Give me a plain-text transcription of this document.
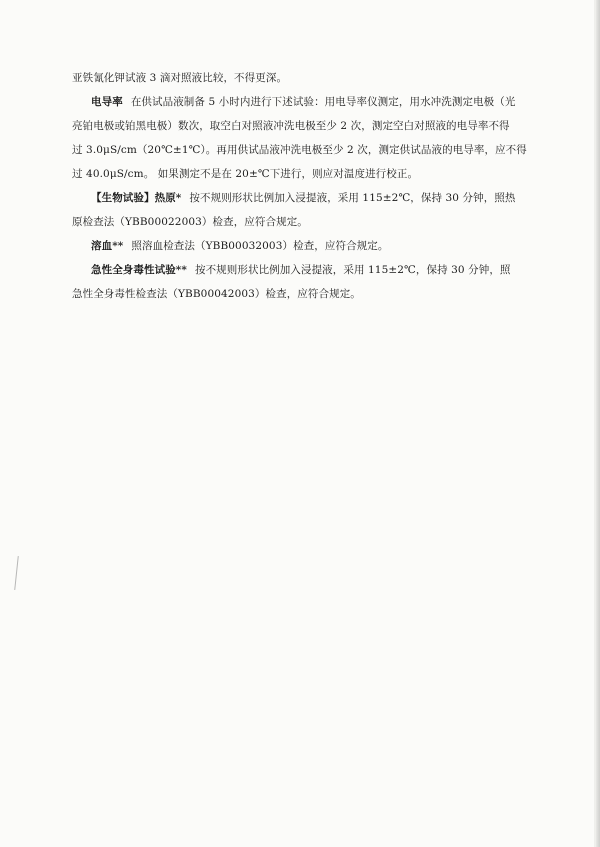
亚铁氰化钾试液 3 滴对照液比较，不得更深。
电导率 在供试品液制备 5 小时内进行下述试验：用电导率仪测定，用水冲洗测定电极（光
亮铂电极或铂黑电极）数次，取空白对照液冲洗电极至少 2 次，测定空白对照液的电导率不得
过 3.0μS/cm（20℃±1℃）。再用供试品液冲洗电极至少 2 次，测定供试品液的电导率，应不得
过 40.0μS/cm。 如果测定不是在 20±℃下进行，则应对温度进行校正。
【生物试验】热原* 按不规则形状比例加入浸提液，采用 115±2℃，保持 30 分钟，照热
原检查法（YBB00022003）检查，应符合规定。
溶血** 照溶血检查法（YBB00032003）检查，应符合规定。
急性全身毒性试验** 按不规则形状比例加入浸提液，采用 115±2℃，保持 30 分钟，照
急性全身毒性检查法（YBB00042003）检查，应符合规定。
